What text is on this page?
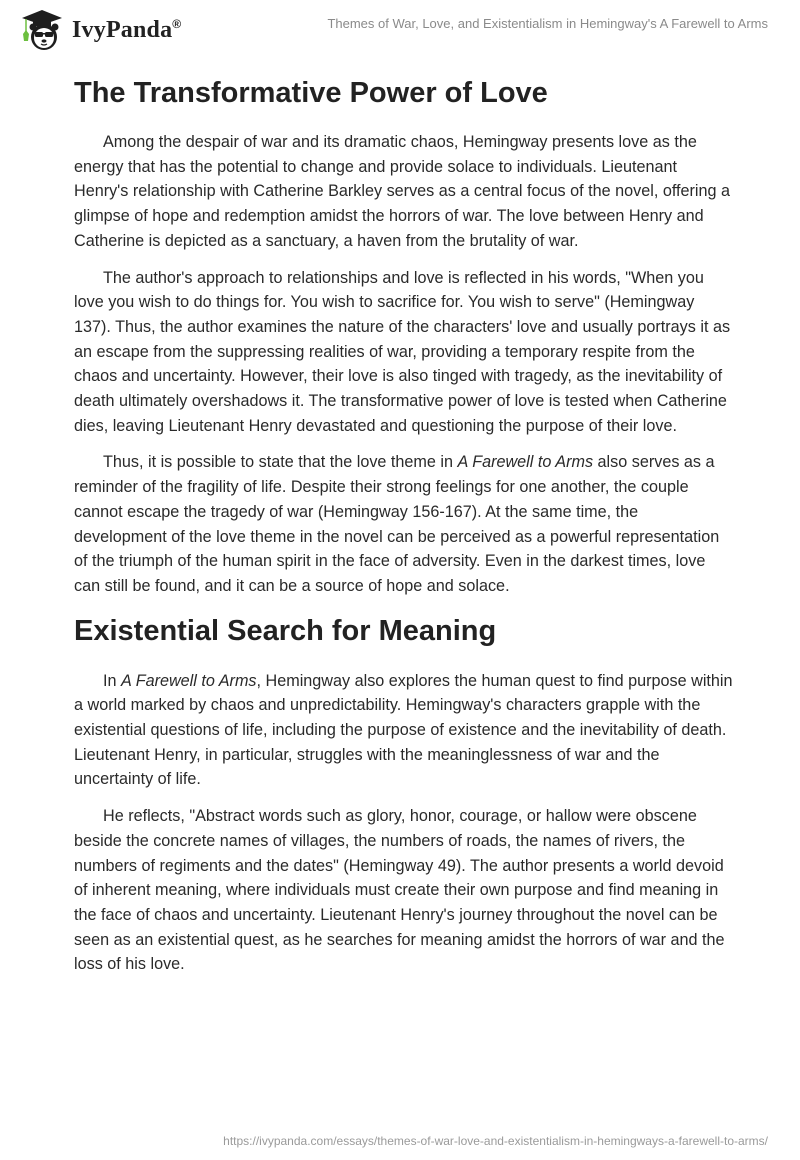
IvyPanda®	Themes of War, Love, and Existentialism in Hemingway's A Farewell to Arms
The Transformative Power of Love

Among the despair of war and its dramatic chaos, Hemingway presents love as the energy that has the potential to change and provide solace to individuals. Lieutenant Henry's relationship with Catherine Barkley serves as a central focus of the novel, offering a glimpse of hope and redemption amidst the horrors of war. The love between Henry and Catherine is depicted as a sanctuary, a haven from the brutality of war.

The author's approach to relationships and love is reflected in his words, "When you love you wish to do things for. You wish to sacrifice for. You wish to serve" (Hemingway 137). Thus, the author examines the nature of the characters' love and usually portrays it as an escape from the suppressing realities of war, providing a temporary respite from the chaos and uncertainty. However, their love is also tinged with tragedy, as the inevitability of death ultimately overshadows it. The transformative power of love is tested when Catherine dies, leaving Lieutenant Henry devastated and questioning the purpose of their love.

Thus, it is possible to state that the love theme in A Farewell to Arms also serves as a reminder of the fragility of life. Despite their strong feelings for one another, the couple cannot escape the tragedy of war (Hemingway 156-167). At the same time, the development of the love theme in the novel can be perceived as a powerful representation of the triumph of the human spirit in the face of adversity. Even in the darkest times, love can still be found, and it can be a source of hope and solace.

Existential Search for Meaning

In A Farewell to Arms, Hemingway also explores the human quest to find purpose within a world marked by chaos and unpredictability. Hemingway's characters grapple with the existential questions of life, including the purpose of existence and the inevitability of death. Lieutenant Henry, in particular, struggles with the meaninglessness of war and the uncertainty of life.

He reflects, "Abstract words such as glory, honor, courage, or hallow were obscene beside the concrete names of villages, the numbers of roads, the names of rivers, the numbers of regiments and the dates" (Hemingway 49). The author presents a world devoid of inherent meaning, where individuals must create their own purpose and find meaning in the face of chaos and uncertainty. Lieutenant Henry's journey throughout the novel can be seen as an existential quest, as he searches for meaning amidst the horrors of war and the loss of his love.

https://ivypanda.com/essays/themes-of-war-love-and-existentialism-in-hemingways-a-farewell-to-arms/
